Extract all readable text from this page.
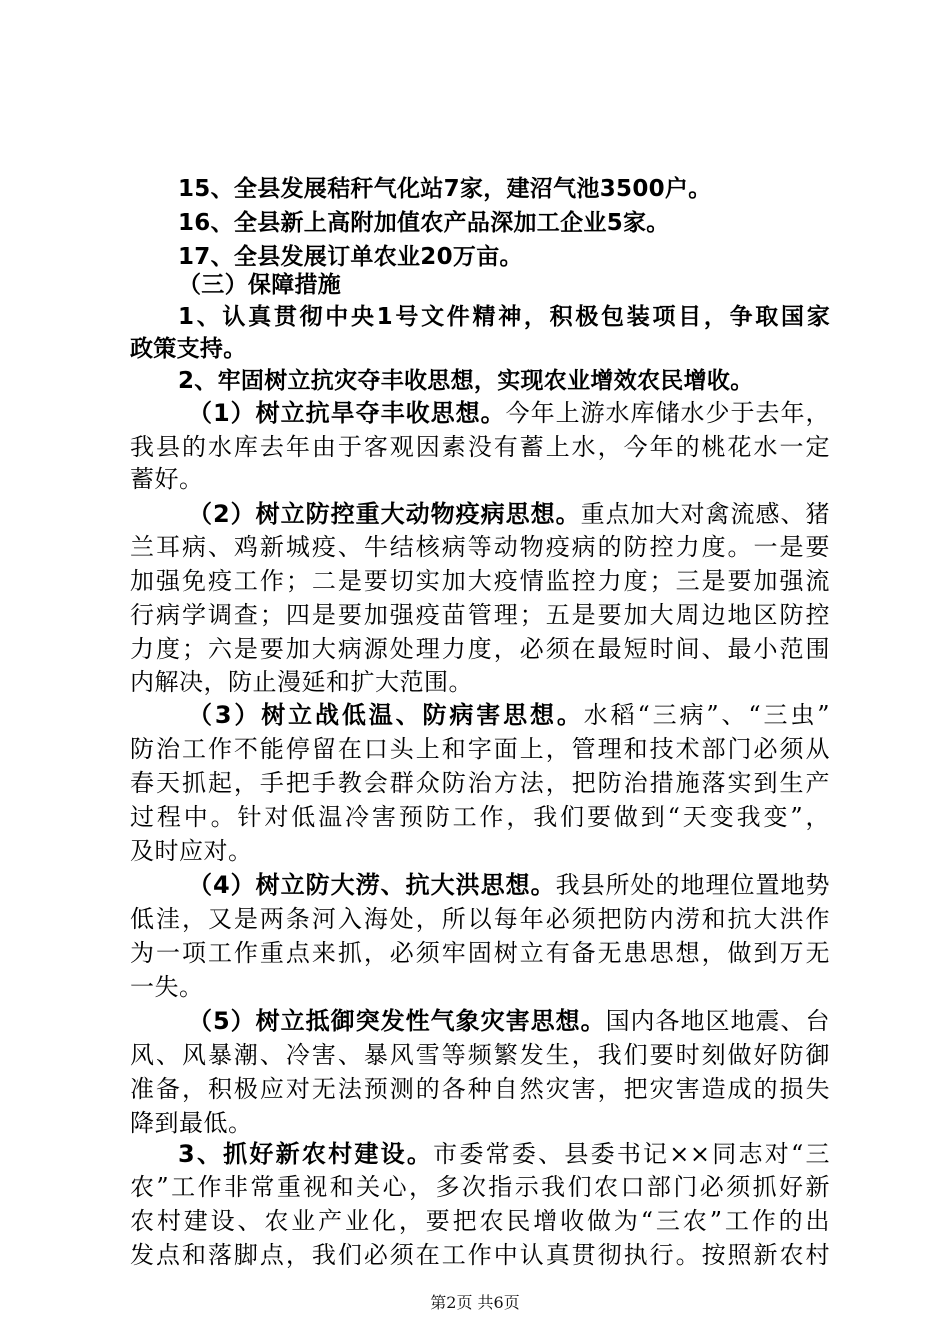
15、全县发展秸秆气化站7家，建沼气池3500户。
16、全县新上高附加值农产品深加工企业5家。
17、全县发展订单农业20万亩。
（三）保障措施
1、认真贯彻中央1号文件精神，积极包装项目，争取国家
政策支持。
2、牢固树立抗灾夺丰收思想，实现农业增效农民增收。
（1）树立抗旱夺丰收思想。今年上游水库储水少于去年，
我县的水库去年由于客观因素没有蓄上水，今年的桃花水一定
蓄好。
（2）树立防控重大动物疫病思想。重点加大对禽流感、猪
兰耳病、鸡新城疫、牛结核病等动物疫病的防控力度。一是要
加强免疫工作；二是要切实加大疫情监控力度；三是要加强流
行病学调查；四是要加强疫苗管理；五是要加大周边地区防控
力度；六是要加大病源处理力度，必须在最短时间、最小范围
内解决，防止漫延和扩大范围。
（3）树立战低温、防病害思想。水稻“三病”、“三虫”
防治工作不能停留在口头上和字面上，管理和技术部门必须从
春天抓起，手把手教会群众防治方法，把防治措施落实到生产
过程中。针对低温冷害预防工作，我们要做到“天变我变”，
及时应对。
（4）树立防大涝、抗大洪思想。我县所处的地理位置地势
低洼，又是两条河入海处，所以每年必须把防内涝和抗大洪作
为一项工作重点来抓，必须牢固树立有备无患思想，做到万无
一失。
（5）树立抵御突发性气象灾害思想。国内各地区地震、台
风、风暴潮、冷害、暴风雪等频繁发生，我们要时刻做好防御
准备，积极应对无法预测的各种自然灾害，把灾害造成的损失
降到最低。
3、抓好新农村建设。市委常委、县委书记××同志对“三
农”工作非常重视和关心，多次指示我们农口部门必须抓好新
农村建设、农业产业化，要把农民增收做为“三农”工作的出
发点和落脚点，我们必须在工作中认真贯彻执行。按照新农村
第2页 共6页
